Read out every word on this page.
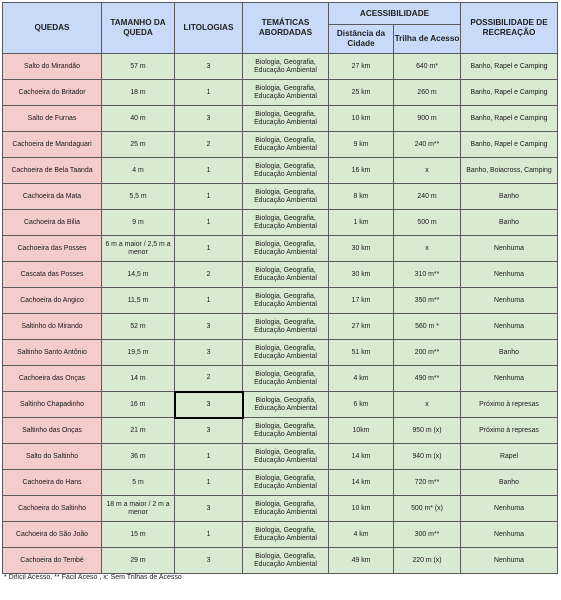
QUEDAS	TAMANHO DA QUEDA	LITOLOGIAS	TEMÁTICAS ABORDADAS	ACESSIBILIDADE		POSSIBILIDADE DE RECREAÇÃO
				Distância da Cidade	Trilha de Acesso	
Salto do Mirandão	57 m	3	Biologia, Geografia, Educação Ambiental	27 km	640 m*	Banho, Rapel e Camping
Cachoeira do Britador	18 m	1	Biologia, Geografia, Educação Ambiental	25 km	260 m	Banho, Rapel e Camping
Salto de Furnas	40 m	3	Biologia, Geografia, Educação Ambiental	10 km	900 m	Banho, Rapel e Camping
Cachoeira de Mandaguari	25 m	2	Biologia, Geografia, Educação Ambiental	9 km	240 m**	Banho, Rapel e Camping
Cachoeira de Bela Taanda	4 m	1	Biologia, Geografia, Educação Ambiental	16 km	x	Banho, Boiacross, Camping
Cachoeira da Mata	5,5 m	1	Biologia, Geografia, Educação Ambiental	8 km	240 m	Banho
Cachoeira da Bilia	9 m	1	Biologia, Geografia, Educação Ambiental	1 km	500 m	Banho
Cachoeira das Posses	6 m a maior / 2,5 m a menor	1	Biologia, Geografia, Educação Ambiental	30 km	x	Nenhuma
Cascata das Posses	14,5 m	2	Biologia, Geografia, Educação Ambiental	30 km	310 m**	Nenhuma
Cachoeira do Angico	11,5 m	1	Biologia, Geografia, Educação Ambiental	17 km	350 m**	Nenhuma
Saltinho do Mirando	52 m	3	Biologia, Geografia, Educação Ambiental	27 km	560 m *	Nenhuma
Saltinho Santo Antônio	19,5 m	3	Biologia, Geografia, Educação Ambiental	51 km	200 m**	Banho
Cachoeira das Onças	14 m	2	Biologia, Geografia, Educação Ambiental	4 km	490 m**	Nenhuma
Saltinho Chapadinho	16 m	3	Biologia, Geografia, Educação Ambiental	6 km	x	Próximo à represas
Saltinho das Onças	21 m	3	Biologia, Geografia, Educação Ambiental	10km	950 m (x)	Próximo à represas
Salto do Saltinho	36 m	1	Biologia, Geografia, Educação Ambiental	14 km	940 m (x)	Rapel
Cachoeira do Hans	5 m	1	Biologia, Geografia, Educação Ambiental	14 km	720 m**	Banho
Cachoeira do Saltinho	18 m a maior / 2 m a menor	3	Biologia, Geografia, Educação Ambiental	10 km	500 m* (x)	Nenhuma
Cachoeira do São João	15 m	1	Biologia, Geografia, Educação Ambiental	4 km	300 m**	Nenhuma
Cachoeira do Tembé	29 m	3	Biologia, Geografia, Educação Ambiental	49 km	220 m (x)	Nenhuma
* Difícil Acesso, ** Fácil Aceso , x: Sem Trilhas de Acesso
